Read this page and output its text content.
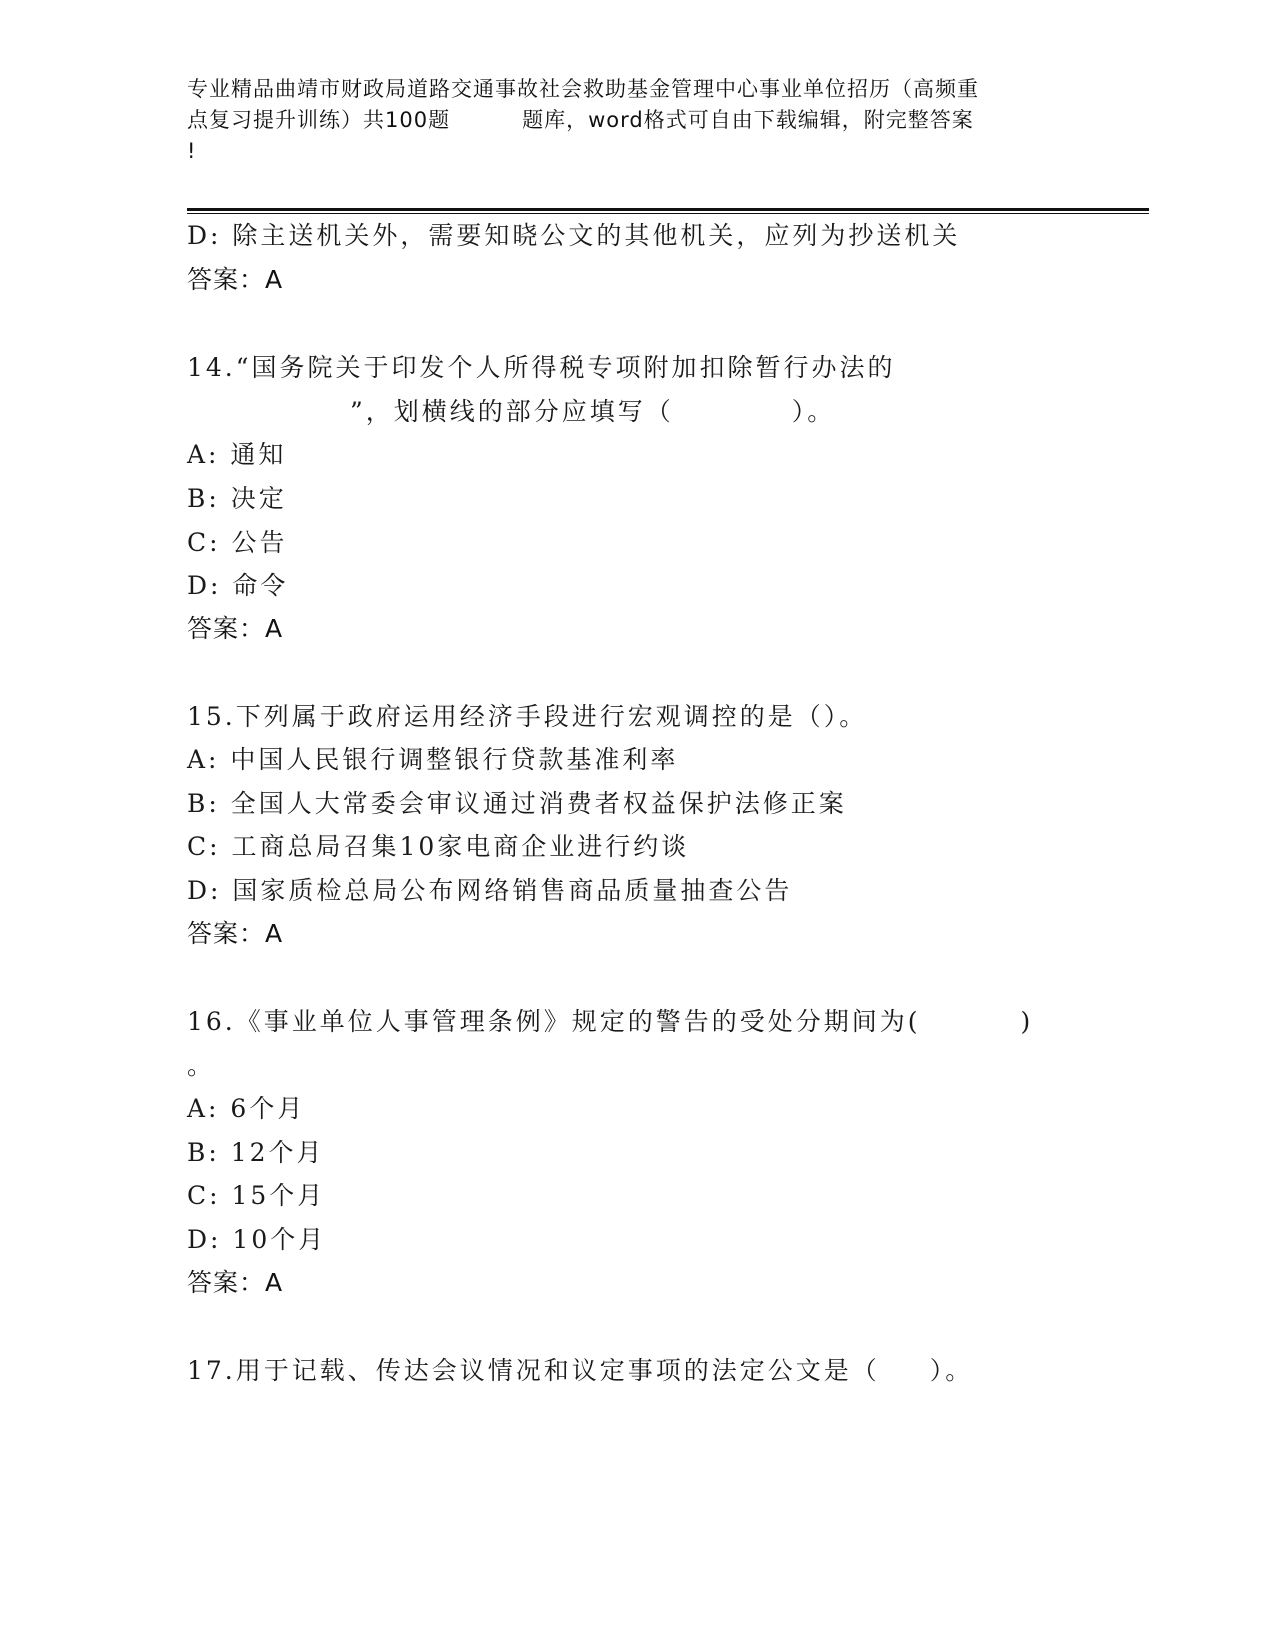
专业精品曲靖市财政局道路交通事故社会救助基金管理中心事业单位招历（高频重
点复习提升训练）共100题	题库，word格式可自由下载编辑，附完整答案
!
D: 除主送机关外，需要知晓公文的其他机关，应列为抄送机关
答案：A
14.“国务院关于印发个人所得税专项附加扣除暂行办法的
”，划横线的部分应填写（	）。
A: 通知
B: 决定
C: 公告
D: 命令
答案：A
15.下列属于政府运用经济手段进行宏观调控的是（）。
A: 中国人民银行调整银行贷款基准利率
B: 全国人大常委会审议通过消费者权益保护法修正案
C: 工商总局召集10家电商企业进行约谈
D: 国家质检总局公布网络销售商品质量抽查公告
答案：A
16.《事业单位人事管理条例》规定的警告的受处分期间为(	)
。
A: 6个月
B: 12个月
C: 15个月
D: 10个月
答案：A
17.用于记载、传达会议情况和议定事项的法定公文是（ ）。
